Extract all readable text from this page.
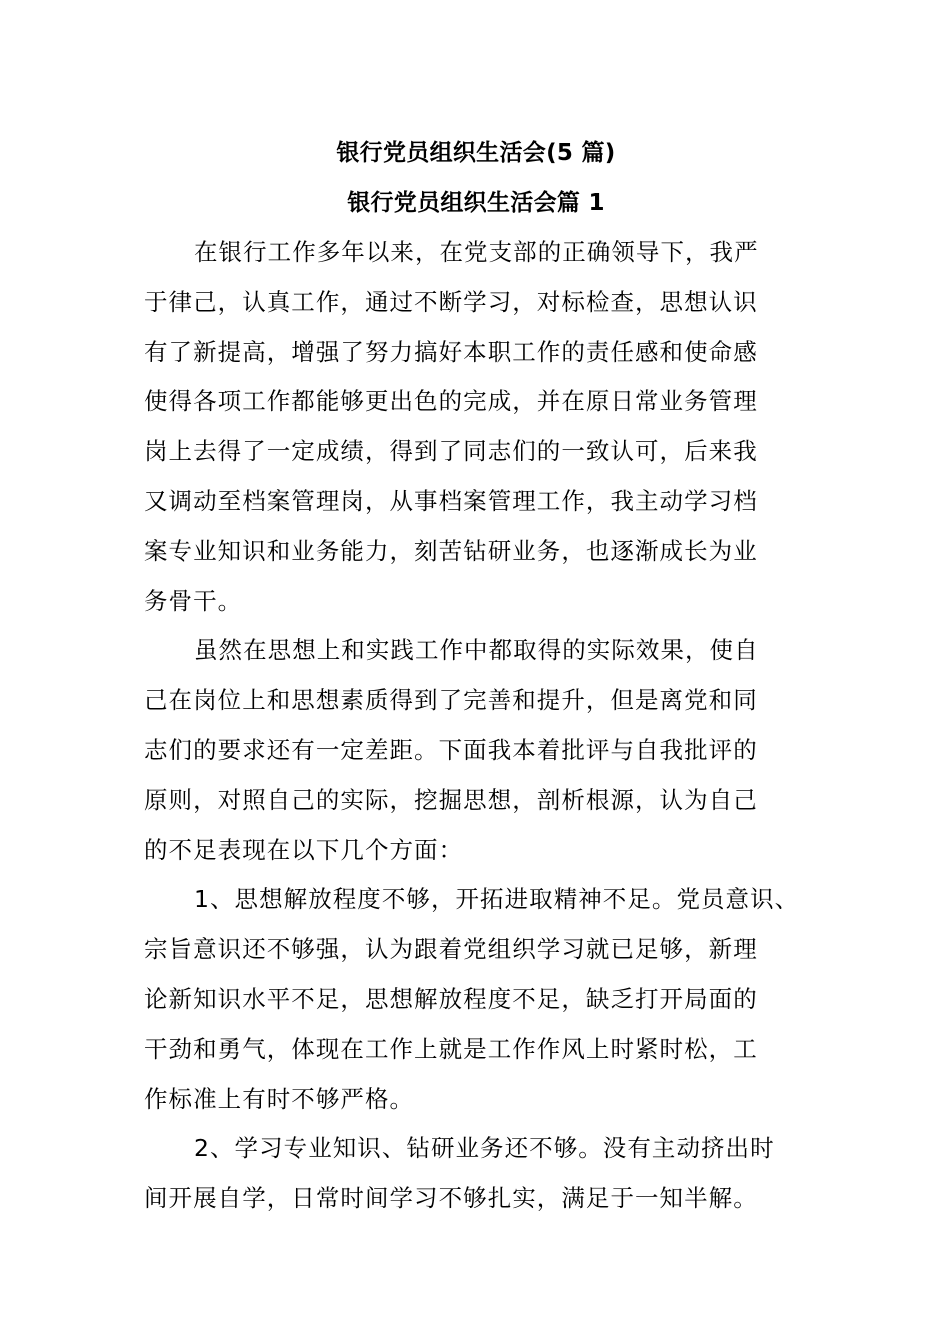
银行党员组织生活会(5 篇)
银行党员组织生活会篇 1
在银行工作多年以来，在党支部的正确领导下，我严
于律己，认真工作，通过不断学习，对标检查，思想认识
有了新提高，增强了努力搞好本职工作的责任感和使命感
使得各项工作都能够更出色的完成，并在原日常业务管理
岗上去得了一定成绩，得到了同志们的一致认可，后来我
又调动至档案管理岗，从事档案管理工作，我主动学习档
案专业知识和业务能力，刻苦钻研业务，也逐渐成长为业
务骨干。
虽然在思想上和实践工作中都取得的实际效果，使自
己在岗位上和思想素质得到了完善和提升，但是离党和同
志们的要求还有一定差距。下面我本着批评与自我批评的
原则，对照自己的实际，挖掘思想，剖析根源，认为自己
的不足表现在以下几个方面：
1、思想解放程度不够，开拓进取精神不足。党员意识、
宗旨意识还不够强，认为跟着党组织学习就已足够，新理
论新知识水平不足，思想解放程度不足，缺乏打开局面的
干劲和勇气，体现在工作上就是工作作风上时紧时松，工
作标准上有时不够严格。
2、学习专业知识、钻研业务还不够。没有主动挤出时
间开展自学，日常时间学习不够扎实，满足于一知半解。
